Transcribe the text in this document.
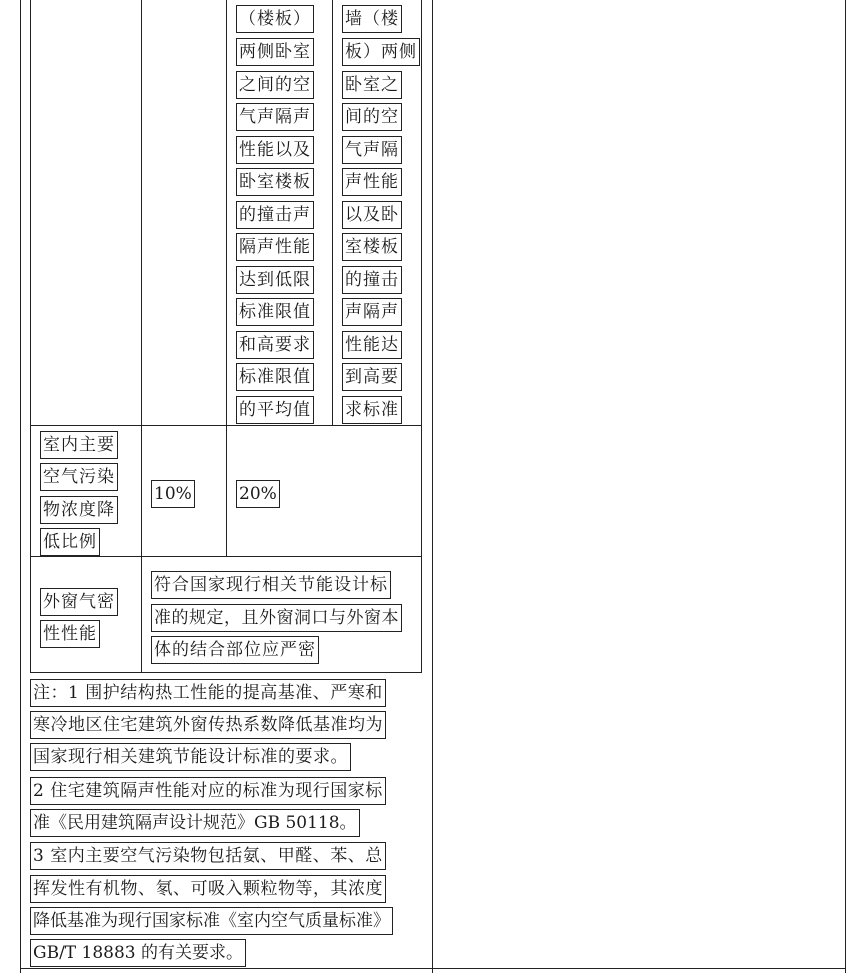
（楼板）
两侧卧室
之间的空
气声隔声
性能以及
卧室楼板
的撞击声
隔声性能
达到低限
标准限值
和高要求
标准限值
的平均值
墙（楼
板）两侧
卧室之
间的空
气声隔
声性能
以及卧
室楼板
的撞击
声隔声
性能达
到高要
求标准
室内主要
空气污染
物浓度降
低比例
10%	20%
外窗气密
性性能
符合国家现行相关节能设计标
准的规定，且外窗洞口与外窗本
体的结合部位应严密
注：1 围护结构热工性能的提高基准、严寒和
寒冷地区住宅建筑外窗传热系数降低基准均为
国家现行相关建筑节能设计标准的要求。
2 住宅建筑隔声性能对应的标准为现行国家标
准《民用建筑隔声设计规范》GB 50118。
3 室内主要空气污染物包括氨、甲醛、苯、总
挥发性有机物、氡、可吸入颗粒物等，其浓度
降低基准为现行国家标准《室内空气质量标准》
GB/T 18883 的有关要求。
